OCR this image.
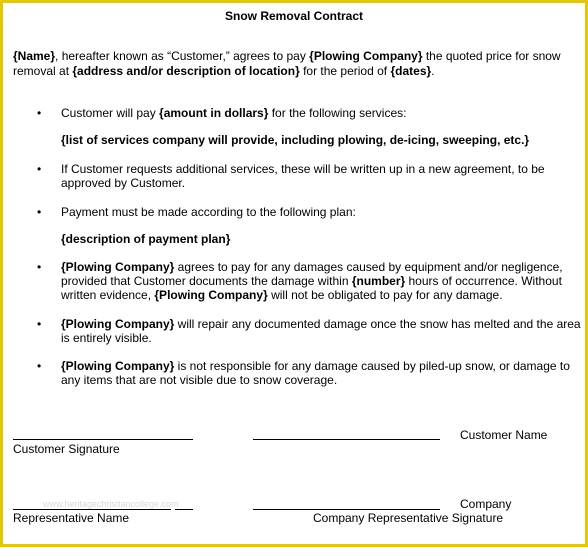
Snow Removal Contract
{Name}, hereafter known as “Customer,” agrees to pay {Plowing Company} the quoted price for snow removal at {address and/or description of location} for the period of {dates}.
• Customer will pay {amount in dollars} for the following services:
{list of services company will provide, including plowing, de-icing, sweeping, etc.}
• If Customer requests additional services, these will be written up in a new agreement, to be approved by Customer.
• Payment must be made according to the following plan:
{description of payment plan}
• {Plowing Company} agrees to pay for any damages caused by equipment and/or negligence, provided that Customer documents the damage within {number} hours of occurrence. Without written evidence, {Plowing Company} will not be obligated to pay for any damage.
• {Plowing Company} will repair any documented damage once the snow has melted and the area is entirely visible.
• {Plowing Company} is not responsible for any damage caused by piled-up snow, or damage to any items that are not visible due to snow coverage.
Customer Signature
Customer Name
www.heritagechristiancollege.com
Representative Name
Company
Company Representative Signature
